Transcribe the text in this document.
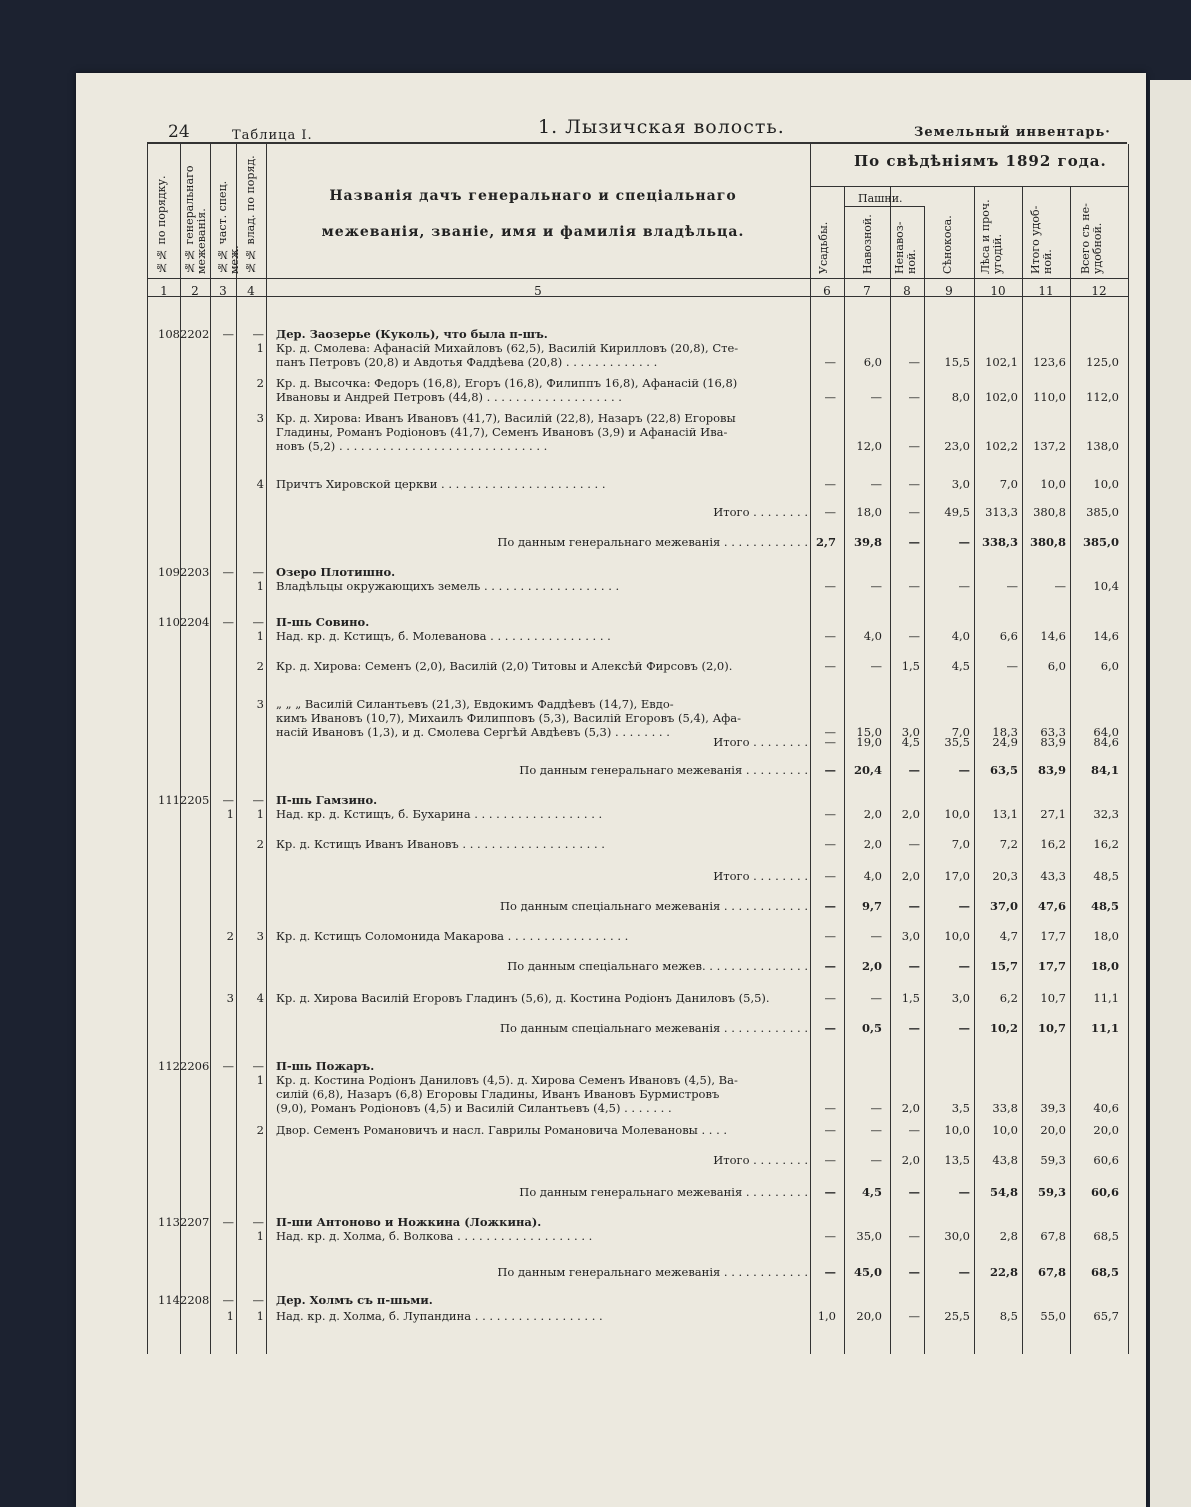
24	Таблица I.	1. Лызичская волость.	Земельный инвентарь·
№№ по порядку. №№ генеральнаго межеванія. №№ част. спец. меж. №№ влад. по поряд.	Названія дачъ генеральнаго и спеціальнаго межеванія, званіе, имя и фамилія владѣльца.
По свѣдѣніямъ 1892 года.
Пашни.
Усадьбы.	Навозной. Ненавоз-ной. Сѣнокоса. Лѣса и проч. угодій. Итого удоб-ной. Всего съ не-удобной.
1	2	3	4	5	6	7	8	9	10	11	12
108 2202	—	— Дер. Заозерье (Куколь), что была п-шъ.
1 Кр. д. Смолева: Афанасій Михайловъ (62,5), Василій Кирилловъ (20,8), Сте-
панъ Петровъ (20,8) и Авдотья Фаддѣева (20,8) . . . . . . . . . . . . .	—	6,0	—	15,5	102,1	123,6	125,0
2 Кр. д. Высочка: Федоръ (16,8), Егоръ (16,8), Филиппъ 16,8), Афанасій (16,8)
Ивановы и Андрей Петровъ (44,8) . . . . . . . . . . . . . . . . . . .	—	—	—	8,0	102,0	110,0	112,0
3 Кр. д. Хирова: Иванъ Ивановъ (41,7), Василій (22,8), Назаръ (22,8) Егоровы
Гладины, Романъ Родіоновъ (41,7), Семенъ Ивановъ (3,9) и Афанасій Ива-
новъ (5,2) . . . . . . . . . . . . . . . . . . . . . . . . . . . . .	12,0	—	23,0	102,2	137,2	138,0
4 Причтъ Хировской церкви . . . . . . . . . . . . . . . . . . . . . . .	—	—	—	3,0	7,0	10,0	10,0
Итого . . . . . . . .	—	18,0	—	49,5	313,3	380,8	385,0
По данным генеральнаго межеванія . . . . . . . . . . . . 2,7	39,8	—	—	338,3	380,8	385,0
109 2203	—	— Озеро Плотишно.
1 Владѣльцы окружающихъ земель . . . . . . . . . . . . . . . . . . .	—	—	—	—	—	—	10,4
110 2204	—	— П-шь Совино.
1 Над. кр. д. Кстищъ, б. Молеванова . . . . . . . . . . . . . . . . .	—	4,0	—	4,0	6,6	14,6	14,6
2 Кр. д. Хирова: Семенъ (2,0), Василій (2,0) Титовы и Алексѣй Фирсовъ (2,0).	—	—	1,5	4,5	—	6,0	6,0
3 „ „ „ Василій Силантьевъ (21,3), Евдокимъ Фаддѣевъ (14,7), Евдо-
кимъ Ивановъ (10,7), Михаилъ Филипповъ (5,3), Василій Егоровъ (5,4), Афа-
насій Ивановъ (1,3), и д. Смолева Сергѣй Авдѣевъ (5,3) . . . . . . . .	—	15,0	3,0	7,0	18,3	63,3	64,0
Итого . . . . . . . .	—	19,0	4,5	35,5	24,9	83,9	84,6
По данным генеральнаго межеванія . . . . . . . . .	—	20,4	—	—	63,5	83,9	84,1
111 2205	—	— П-шь Гамзино.
1	1 Над. кр. д. Кстищъ, б. Бухарина . . . . . . . . . . . . . . . . . .	—	2,0	2,0	10,0	13,1	27,1	32,3
2 Кр. д. Кстищъ Иванъ Ивановъ . . . . . . . . . . . . . . . . . . . .	—	2,0	—	7,0	7,2	16,2	16,2
Итого . . . . . . . .	—	4,0	2,0	17,0	20,3	43,3	48,5
По данным спеціальнаго межеванія . . . . . . . . . . . .	—	9,7	—	—	37,0	47,6	48,5
2	3 Кр. д. Кстищъ Соломонида Макарова . . . . . . . . . . . . . . . . .	—	—	3,0	10,0	4,7	17,7	18,0
По данным спеціальнаго межев. . . . . . . . . . . . . . .	—	2,0	—	—	15,7	17,7	18,0
3	4 Кр. д. Хирова Василій Егоровъ Гладинъ (5,6), д. Костина Родіонъ Даниловъ (5,5).	—	—	1,5	3,0	6,2	10,7	11,1
По данным спеціальнаго межеванія . . . . . . . . . . . .	—	0,5	—	—	10,2	10,7	11,1
112 2206	—	— П-шь Пожаръ.
1 Кр. д. Костина Родіонъ Даниловъ (4,5). д. Хирова Семенъ Ивановъ (4,5), Ва-
силій (6,8), Назаръ (6,8) Егоровы Гладины, Иванъ Ивановъ Бурмистровъ
(9,0), Романъ Родіоновъ (4,5) и Василій Силантьевъ (4,5) . . . . . . .	—	—	2,0	3,5	33,8	39,3	40,6
2 Двор. Семенъ Романовичъ и насл. Гаврилы Романовича Молевановы . . . .	—	—	—	10,0	10,0	20,0	20,0
Итого . . . . . . . .	—	—	2,0	13,5	43,8	59,3	60,6
По данным генеральнаго межеванія . . . . . . . . .	—	4,5	—	—	54,8	59,3	60,6
113 2207	—	— П-ши Антоново и Ножкина (Ложкина).
1 Над. кр. д. Холма, б. Волкова . . . . . . . . . . . . . . . . . . .	—	35,0	—	30,0	2,8	67,8	68,5
По данным генеральнаго межеванія . . . . . . . . . . . .	—	45,0	—	—	22,8	67,8	68,5
114 2208	—	— Дер. Холмъ съ п-шьми.
1	1 Над. кр. д. Холма, б. Лупандина . . . . . . . . . . . . . . . . . .	1,0	20,0	—	25,5	8,5	55,0	65,7
